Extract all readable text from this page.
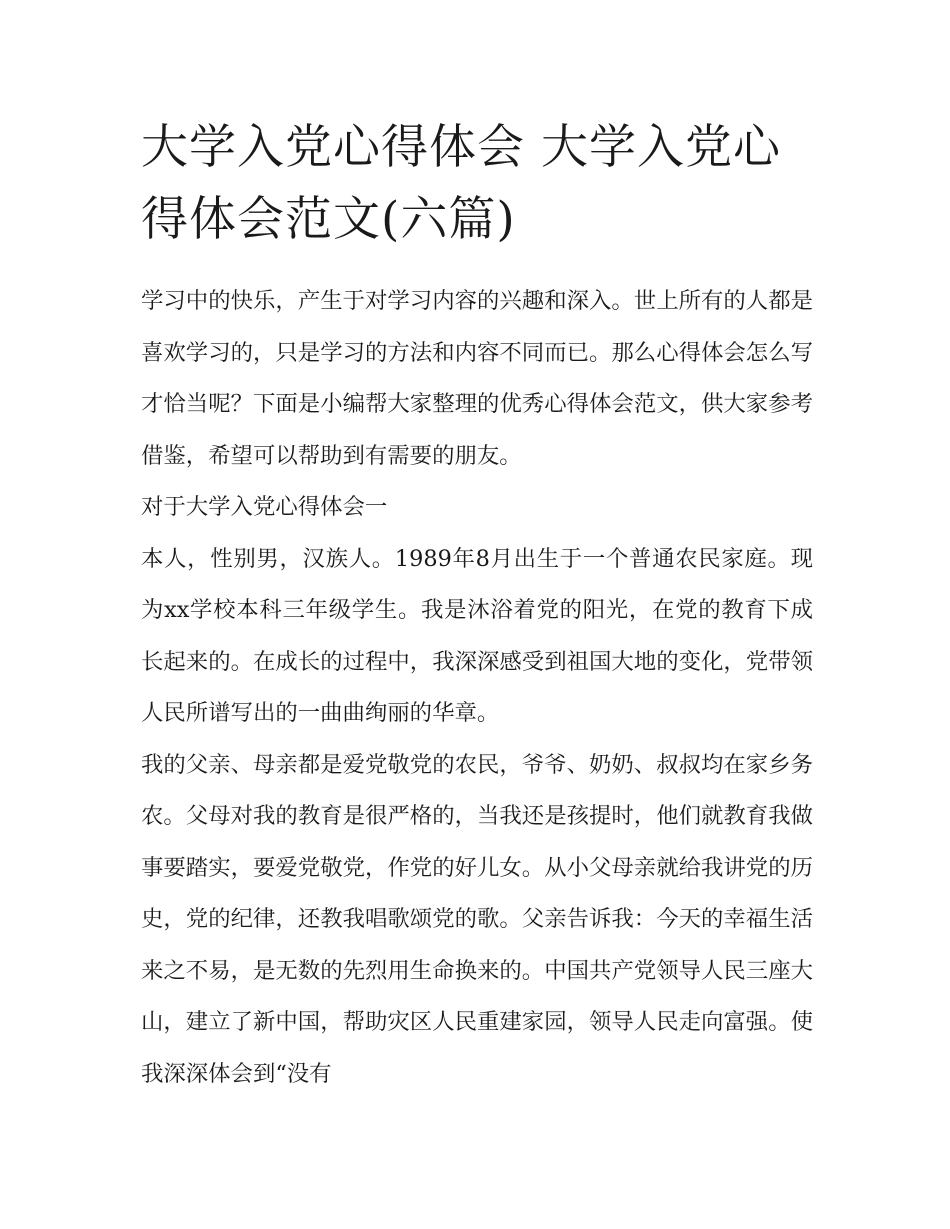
大学入党心得体会 大学入党心得体会范文(六篇)

学习中的快乐，产生于对学习内容的兴趣和深入。世上所有的人都是喜欢学习的，只是学习的方法和内容不同而已。那么心得体会怎么写才恰当呢？下面是小编帮大家整理的优秀心得体会范文，供大家参考借鉴，希望可以帮助到有需要的朋友。

对于大学入党心得体会一

本人，性别男，汉族人。1989年8月出生于一个普通农民家庭。现为xx学校本科三年级学生。我是沐浴着党的阳光，在党的教育下成长起来的。在成长的过程中，我深深感受到祖国大地的变化，党带领人民所谱写出的一曲曲绚丽的华章。

我的父亲、母亲都是爱党敬党的农民，爷爷、奶奶、叔叔均在家乡务农。父母对我的教育是很严格的，当我还是孩提时，他们就教育我做事要踏实，要爱党敬党，作党的好儿女。从小父母亲就给我讲党的历史，党的纪律，还教我唱歌颂党的歌。父亲告诉我：今天的幸福生活来之不易，是无数的先烈用生命换来的。中国共产党领导人民三座大山，建立了新中国，帮助灾区人民重建家园，领导人民走向富强。使我深深体会到“没有
